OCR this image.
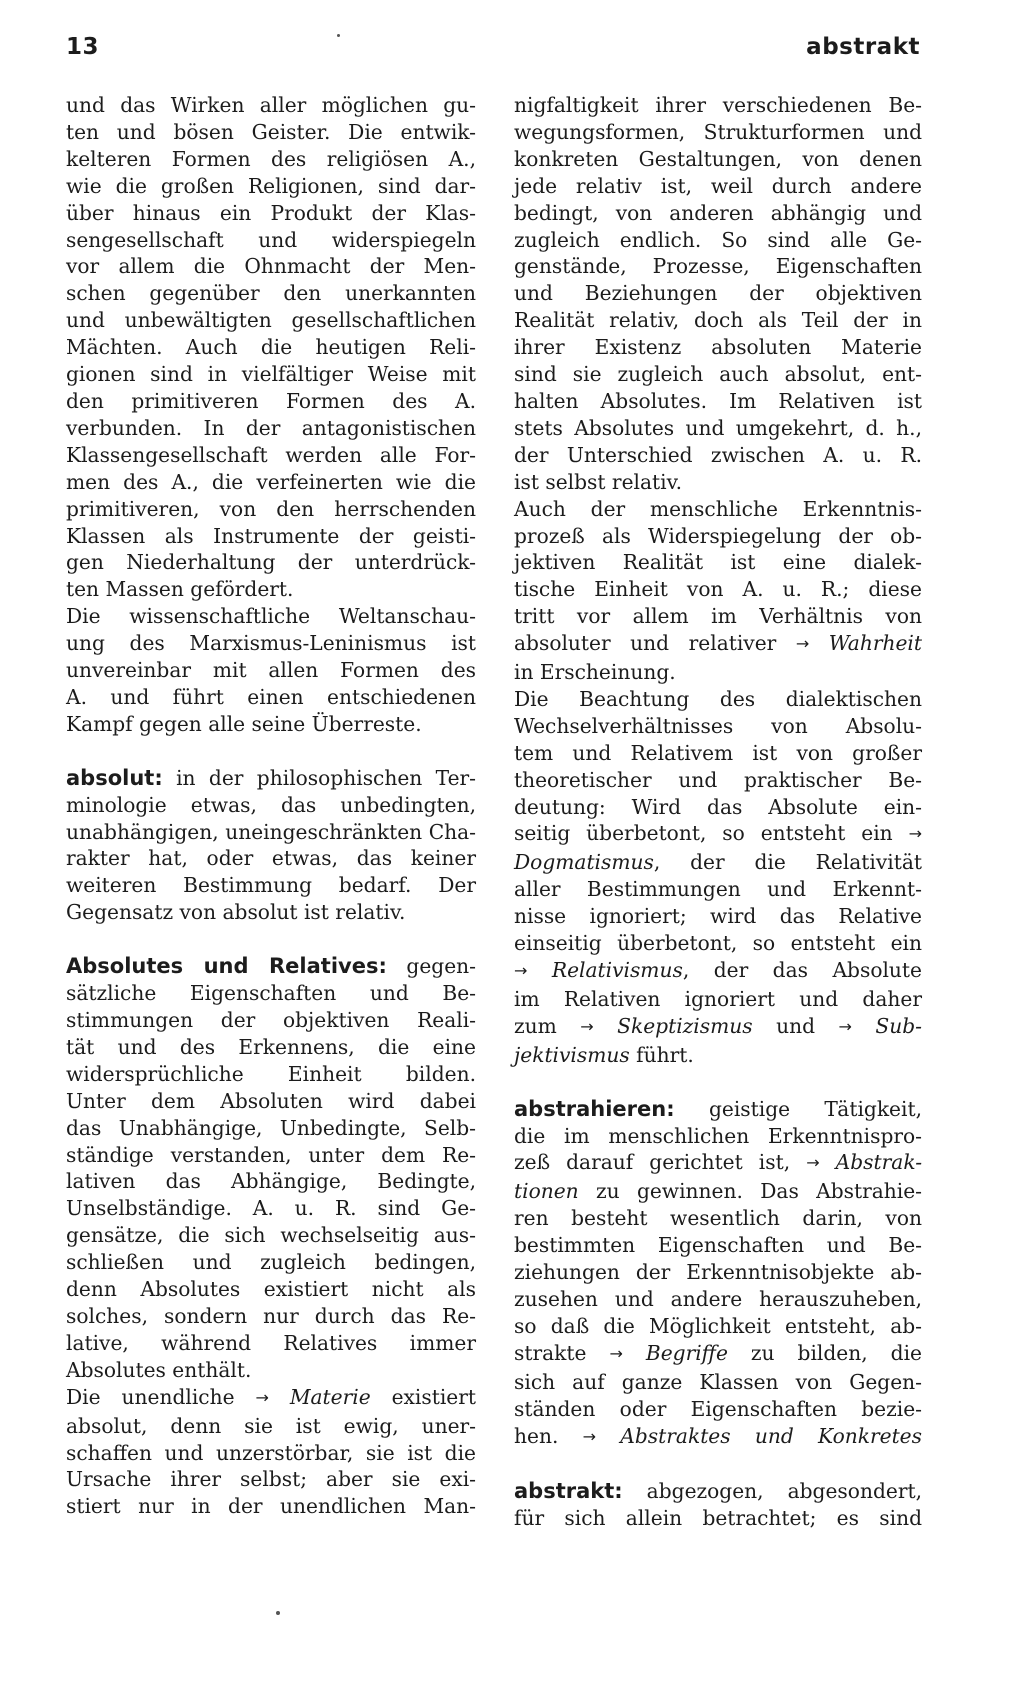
13	abstrakt
und das Wirken aller möglichen gu-
ten und bösen Geister. Die entwik-
kelteren Formen des religiösen A.,
wie die großen Religionen, sind dar-
über hinaus ein Produkt der Klas-
sengesellschaft und widerspiegeln
vor allem die Ohnmacht der Men-
schen gegenüber den unerkannten
und unbewältigten gesellschaftlichen
Mächten. Auch die heutigen Reli-
gionen sind in vielfältiger Weise mit
den primitiveren Formen des A.
verbunden. In der antagonistischen
Klassengesellschaft werden alle For-
men des A., die verfeinerten wie die
primitiveren, von den herrschenden
Klassen als Instrumente der geisti-
gen Niederhaltung der unterdrück-
ten Massen gefördert.
Die wissenschaftliche Weltanschau-
ung des Marxismus-Leninismus ist
unvereinbar mit allen Formen des
A. und führt einen entschiedenen
Kampf gegen alle seine Überreste.
absolut: in der philosophischen Ter-
minologie etwas, das unbedingten,
unabhängigen, uneingeschränkten Cha-
rakter hat, oder etwas, das keiner
weiteren Bestimmung bedarf. Der
Gegensatz von absolut ist relativ.
Absolutes und Relatives: gegen-
sätzliche Eigenschaften und Be-
stimmungen der objektiven Reali-
tät und des Erkennens, die eine
widersprüchliche Einheit bilden.
Unter dem Absoluten wird dabei
das Unabhängige, Unbedingte, Selb-
ständige verstanden, unter dem Re-
lativen das Abhängige, Bedingte,
Unselbständige. A. u. R. sind Ge-
gensätze, die sich wechselseitig aus-
schließen und zugleich bedingen,
denn Absolutes existiert nicht als
solches, sondern nur durch das Re-
lative, während Relatives immer
Absolutes enthält.
Die unendliche → Materie existiert
absolut, denn sie ist ewig, uner-
schaffen und unzerstörbar, sie ist die
Ursache ihrer selbst; aber sie exi-
stiert nur in der unendlichen Man-
nigfaltigkeit ihrer verschiedenen Be-
wegungsformen, Strukturformen und
konkreten Gestaltungen, von denen
jede relativ ist, weil durch andere
bedingt, von anderen abhängig und
zugleich endlich. So sind alle Ge-
genstände, Prozesse, Eigenschaften
und Beziehungen der objektiven
Realität relativ, doch als Teil der in
ihrer Existenz absoluten Materie
sind sie zugleich auch absolut, ent-
halten Absolutes. Im Relativen ist
stets Absolutes und umgekehrt, d. h.,
der Unterschied zwischen A. u. R.
ist selbst relativ.
Auch der menschliche Erkenntnis-
prozeß als Widerspiegelung der ob-
jektiven Realität ist eine dialek-
tische Einheit von A. u. R.; diese
tritt vor allem im Verhältnis von
absoluter und relativer → Wahrheit
in Erscheinung.
Die Beachtung des dialektischen
Wechselverhältnisses von Absolu-
tem und Relativem ist von großer
theoretischer und praktischer Be-
deutung: Wird das Absolute ein-
seitig überbetont, so entsteht ein →
Dogmatismus, der die Relativität
aller Bestimmungen und Erkennt-
nisse ignoriert; wird das Relative
einseitig überbetont, so entsteht ein
→ Relativismus, der das Absolute
im Relativen ignoriert und daher
zum → Skeptizismus und → Sub-
jektivismus führt.
abstrahieren: geistige Tätigkeit,
die im menschlichen Erkenntnispro-
zeß darauf gerichtet ist, → Abstrak-
tionen zu gewinnen. Das Abstrahie-
ren besteht wesentlich darin, von
bestimmten Eigenschaften und Be-
ziehungen der Erkenntnisobjekte ab-
zusehen und andere herauszuheben,
so daß die Möglichkeit entsteht, ab-
strakte → Begriffe zu bilden, die
sich auf ganze Klassen von Gegen-
ständen oder Eigenschaften bezie-
hen. → Abstraktes und Konkretes
abstrakt: abgezogen, abgesondert,
für sich allein betrachtet; es sind
